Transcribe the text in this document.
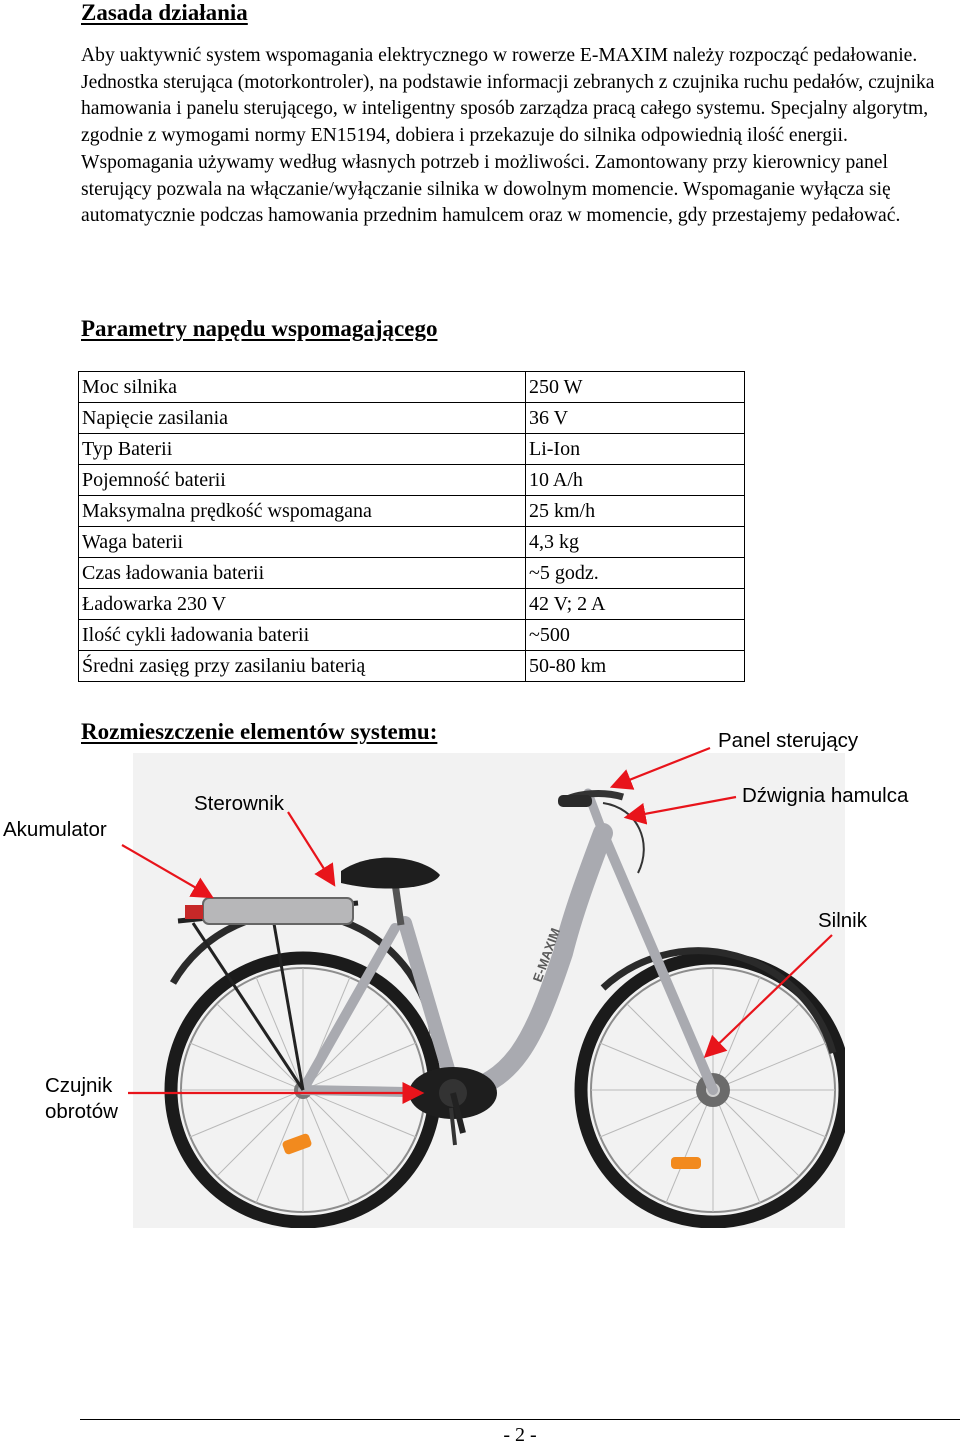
Zasada działania

Aby uaktywnić system wspomagania elektrycznego w rowerze E-MAXIM należy rozpocząć pedałowanie. Jednostka sterująca (motorkontroler), na podstawie informacji zebranych z czujnika ruchu pedałów, czujnika hamowania i panelu sterującego, w inteligentny sposób zarządza pracą całego systemu. Specjalny algorytm, zgodnie z wymogami normy EN15194, dobiera i przekazuje do silnika odpowiednią ilość energii. Wspomagania używamy według własnych potrzeb i możliwości. Zamontowany przy kierownicy panel sterujący pozwala na włączanie/wyłączanie silnika w dowolnym momencie. Wspomaganie wyłącza się automatycznie podczas hamowania przednim hamulcem oraz w momencie, gdy przestajemy pedałować.

Parametry napędu wspomagającego
Moc silnika	250 W
Napięcie zasilania	36 V
Typ Baterii	Li-Ion
Pojemność baterii	10 A/h
Maksymalna prędkość wspomagana	25 km/h
Waga baterii	4,3 kg
Czas ładowania baterii	~5 godz.
Ładowarka 230 V	42 V; 2 A
Ilość cykli ładowania baterii	~500
Średni zasięg przy zasilaniu baterią	50-80 km
Rozmieszczenie elementów systemu:
E-MAXIM
Akumulator
Sterownik
Panel sterujący
Dźwignia hamulca
Silnik
Czujnik
obrotów
- 2 -
